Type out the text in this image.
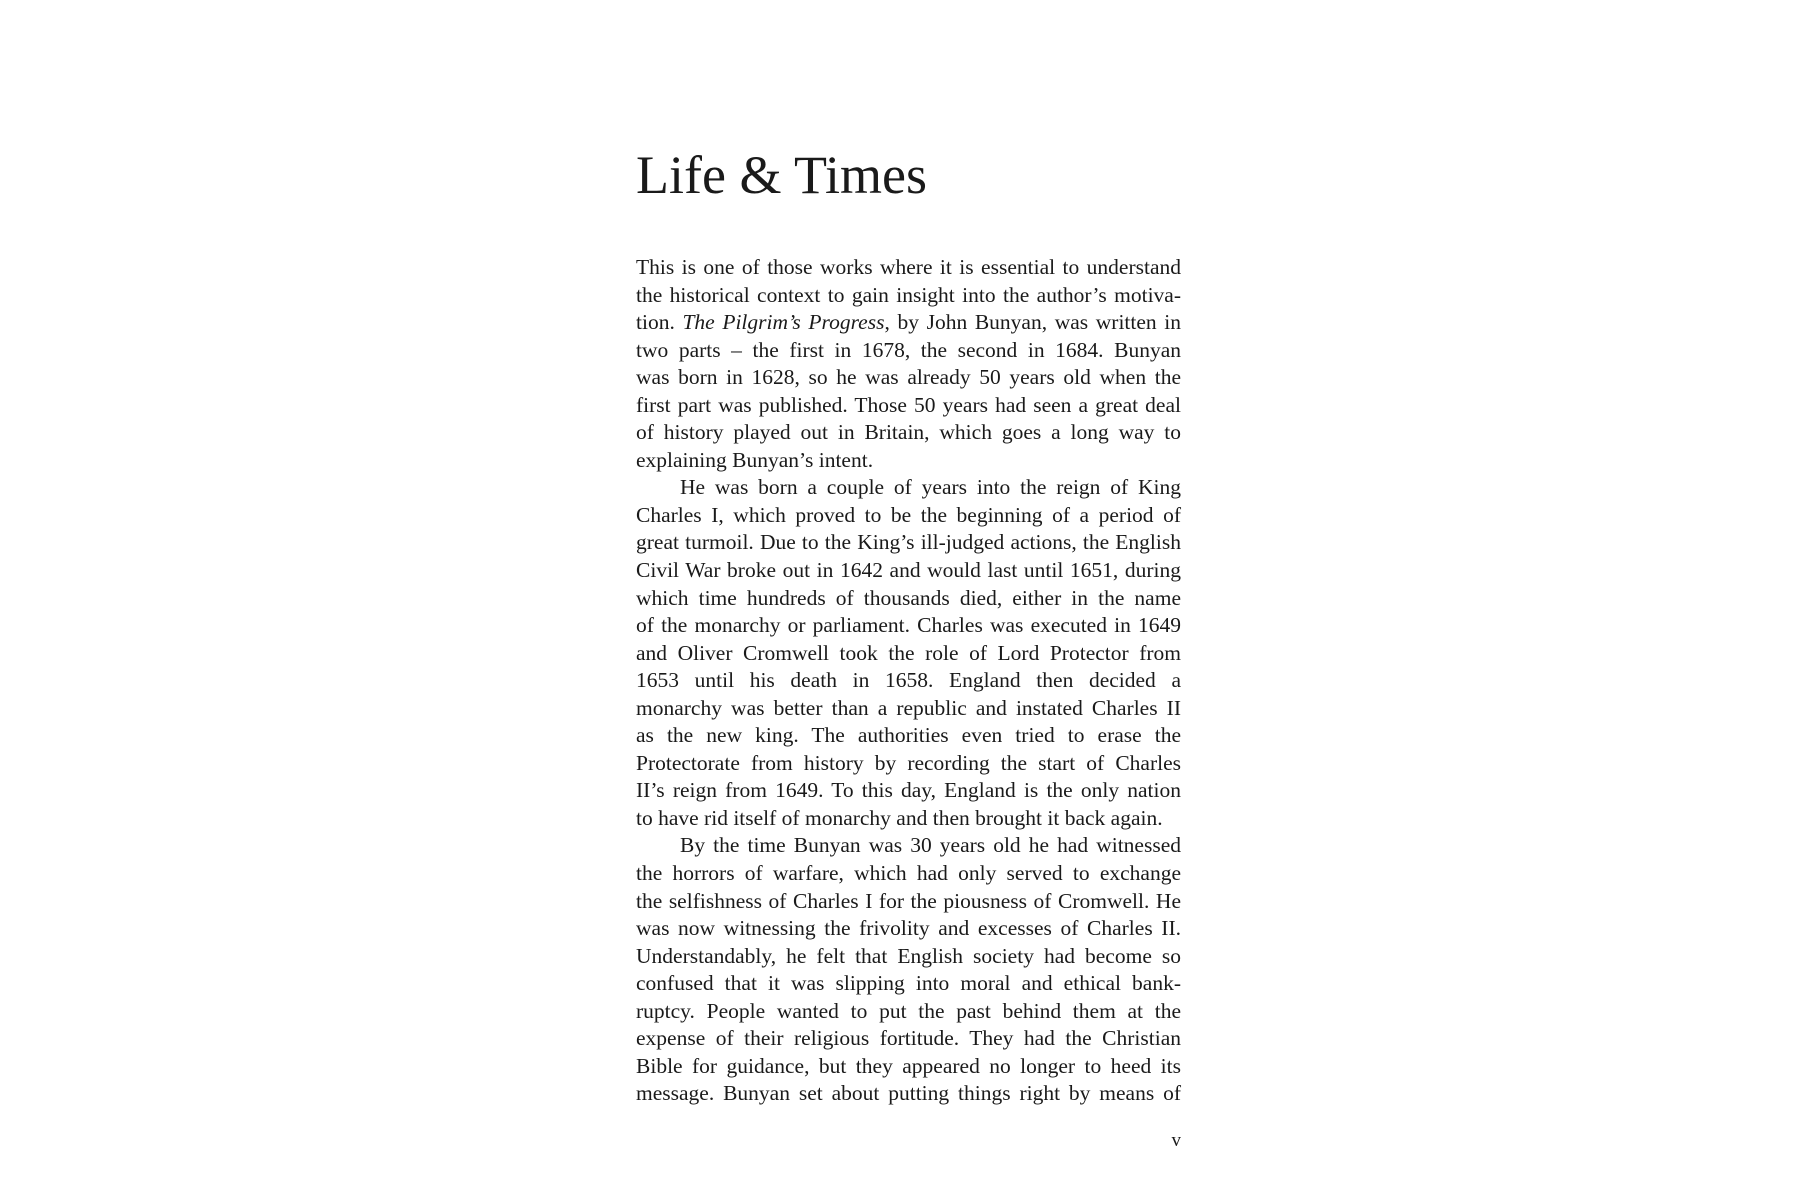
Life & Times
This is one of those works where it is essential to understand
the historical context to gain insight into the author’s motiva-
tion. The Pilgrim’s Progress, by John Bunyan, was written in
two parts – the first in 1678, the second in 1684. Bunyan
was born in 1628, so he was already 50 years old when the
first part was published. Those 50 years had seen a great deal
of history played out in Britain, which goes a long way to
explaining Bunyan’s intent.
He was born a couple of years into the reign of King
Charles I, which proved to be the beginning of a period of
great turmoil. Due to the King’s ill-judged actions, the English
Civil War broke out in 1642 and would last until 1651, during
which time hundreds of thousands died, either in the name
of the monarchy or parliament. Charles was executed in 1649
and Oliver Cromwell took the role of Lord Protector from
1653 until his death in 1658. England then decided a
monarchy was better than a republic and instated Charles II
as the new king. The authorities even tried to erase the
Protectorate from history by recording the start of Charles
II’s reign from 1649. To this day, England is the only nation
to have rid itself of monarchy and then brought it back again.
By the time Bunyan was 30 years old he had witnessed
the horrors of warfare, which had only served to exchange
the selfishness of Charles I for the piousness of Cromwell. He
was now witnessing the frivolity and excesses of Charles II.
Understandably, he felt that English society had become so
confused that it was slipping into moral and ethical bank-
ruptcy. People wanted to put the past behind them at the
expense of their religious fortitude. They had the Christian
Bible for guidance, but they appeared no longer to heed its
message. Bunyan set about putting things right by means of
v
